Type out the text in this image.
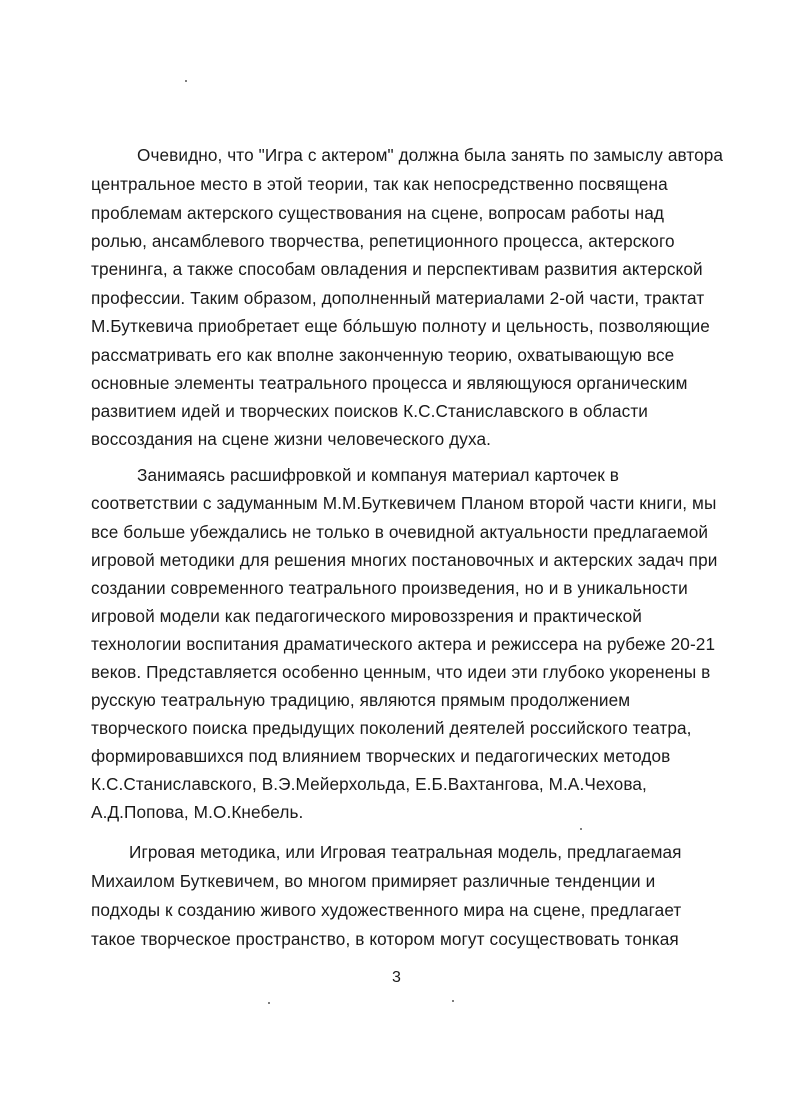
Очевидно, что "Игра с актером" должна была занять по замыслу автора

центральное место в этой теории, так как непосредственно посвящена

проблемам актерского существования на сцене, вопросам работы над

ролью, ансамблевого творчества, репетиционного процесса, актерского

тренинга, а также способам овладения и перспективам развития актерской

профессии. Таким образом, дополненный материалами 2-ой части, трактат

М.Буткевича приобретает еще бóльшую полноту и цельность, позволяющие

рассматривать его как вполне законченную теорию, охватывающую все

основные элементы театрального процесса и являющуюся органическим

развитием идей и творческих поисков К.С.Станиславского в области

воссоздания на сцене жизни человеческого духа.

Занимаясь расшифровкой и компануя материал карточек в

соответствии с задуманным М.М.Буткевичем Планом второй части книги, мы

все больше убеждались не только в очевидной актуальности предлагаемой

игровой методики для решения многих постановочных и актерских задач при

создании современного театрального произведения, но и в уникальности

игровой модели как педагогического мировоззрения и практической

технологии воспитания драматического актера и режиссера на рубеже 20-21

веков. Представляется особенно ценным, что идеи эти глубоко укоренены в

русскую театральную традицию, являются прямым продолжением

творческого поиска предыдущих поколений деятелей российского театра,

формировавшихся под влиянием творческих и педагогических методов

К.С.Станиславского, В.Э.Мейерхольда, Е.Б.Вахтангова, М.А.Чехова,

А.Д.Попова, М.О.Кнебель.

Игровая методика, или Игровая театральная модель, предлагаемая

Михаилом Буткевичем, во многом примиряет различные тенденции и

подходы к созданию живого художественного мира на сцене, предлагает

такое творческое пространство, в котором могут сосуществовать тонкая

3
